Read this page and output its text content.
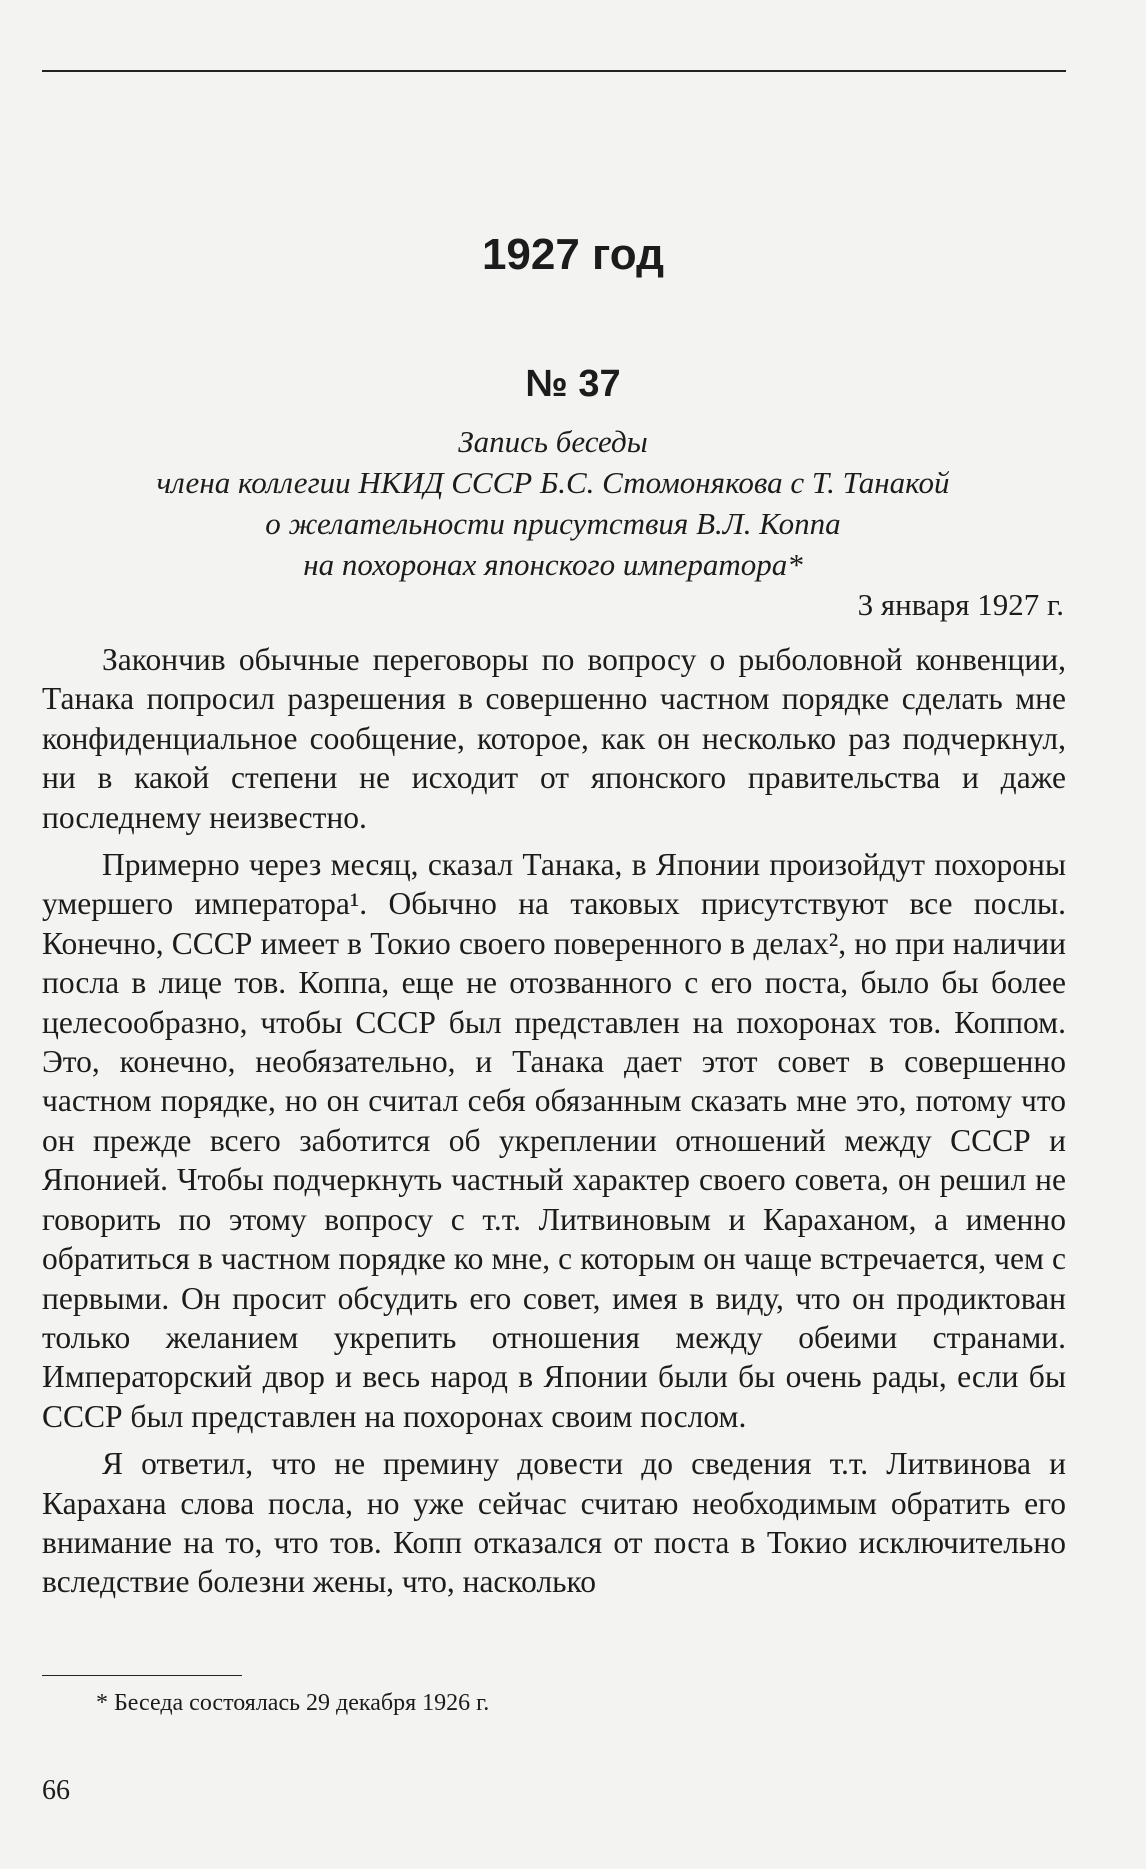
1927 год
№ 37
Запись беседы
члена коллегии НКИД СССР Б.С. Стомонякова с Т. Танакой
о желательности присутствия В.Л. Коппа
на похоронах японского императора*
3 января 1927 г.

Закончив обычные переговоры по вопросу о рыболовной конвенции, Танака попросил разрешения в совершенно частном порядке сделать мне конфиденциальное сообщение, которое, как он несколько раз подчеркнул, ни в какой степени не исходит от японского правительства и даже последнему неизвестно.

Примерно через месяц, сказал Танака, в Японии произойдут похороны умершего императора¹. Обычно на таковых присутствуют все послы. Конечно, СССР имеет в Токио своего поверенного в делах², но при наличии посла в лице тов. Коппа, еще не отозванного с его поста, было бы более целесообразно, чтобы СССР был представлен на похоронах тов. Коппом. Это, конечно, необязательно, и Танака дает этот совет в совершенно частном порядке, но он считал себя обязанным сказать мне это, потому что он прежде всего заботится об укреплении отношений между СССР и Японией. Чтобы подчеркнуть частный характер своего совета, он решил не говорить по этому вопросу с т.т. Литвиновым и Караханом, а именно обратиться в частном порядке ко мне, с которым он чаще встречается, чем с первыми. Он просит обсудить его совет, имея в виду, что он продиктован только желанием укрепить отношения между обеими странами. Императорский двор и весь народ в Японии были бы очень рады, если бы СССР был представлен на похоронах своим послом.

Я ответил, что не премину довести до сведения т.т. Литвинова и Карахана слова посла, но уже сейчас считаю необходимым обратить его внимание на то, что тов. Копп отказался от поста в Токио исключительно вследствие болезни жены, что, насколько

* Беседа состоялась 29 декабря 1926 г.
66
